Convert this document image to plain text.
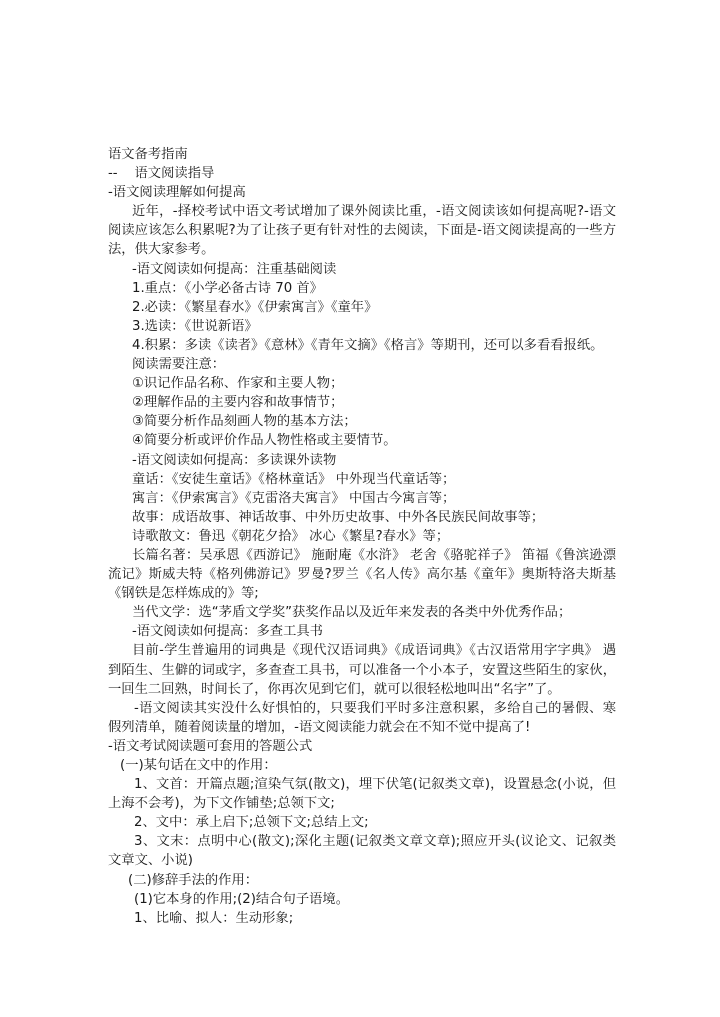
语文备考指南
--    语文阅读指导
-语文阅读理解如何提高
近年，-择校考试中语文考试增加了课外阅读比重，-语文阅读该如何提高呢?-语文阅读应该怎么积累呢?为了让孩子更有针对性的去阅读，下面是-语文阅读提高的一些方法，供大家参考。
-语文阅读如何提高：注重基础阅读
1.重点：《小学必备古诗 70 首》
2.必读：《繁星春水》《伊索寓言》《童年》
3.选读：《世说新语》
4.积累：多读《读者》《意林》《青年文摘》《格言》等期刊，还可以多看看报纸。
阅读需要注意：
①识记作品名称、作家和主要人物；
②理解作品的主要内容和故事情节；
③简要分析作品刻画人物的基本方法；
④简要分析或评价作品人物性格或主要情节。
-语文阅读如何提高：多读课外读物
童话：《安徒生童话》《格林童话》 中外现当代童话等；
寓言：《伊索寓言》《克雷洛夫寓言》 中国古今寓言等；
故事：成语故事、神话故事、中外历史故事、中外各民族民间故事等；
诗歌散文：鲁迅《朝花夕拾》 冰心《繁星?春水》等；
长篇名著：吴承恩《西游记》 施耐庵《水浒》 老舍《骆驼祥子》 笛福《鲁滨逊漂流记》斯威夫特《格列佛游记》罗曼?罗兰《名人传》高尔基《童年》奥斯特洛夫斯基《钢铁是怎样炼成的》等;
当代文学：选“茅盾文学奖”获奖作品以及近年来发表的各类中外优秀作品；
-语文阅读如何提高：多查工具书
目前-学生普遍用的词典是《现代汉语词典》《成语词典》《古汉语常用字字典》 遇到陌生、生僻的词或字，多查查工具书，可以准备一个小本子，安置这些陌生的家伙，一回生二回熟，时间长了，你再次见到它们，就可以很轻松地叫出“名字”了。
-语文阅读其实没什么好惧怕的，只要我们平时多注意积累，多给自己的暑假、寒假列清单，随着阅读量的增加，-语文阅读能力就会在不知不觉中提高了!
-语文考试阅读题可套用的答题公式
(一)某句话在文中的作用：
1、文首：开篇点题;渲染气氛(散文)，埋下伏笔(记叙类文章)，设置悬念(小说，但上海不会考)，为下文作铺垫;总领下文;
2、文中：承上启下;总领下文;总结上文;
3、文末：点明中心(散文);深化主题(记叙类文章文章);照应开头(议论文、记叙类文章文、小说)
(二)修辞手法的作用：
(1)它本身的作用;(2)结合句子语境。
1、比喻、拟人：生动形象;
